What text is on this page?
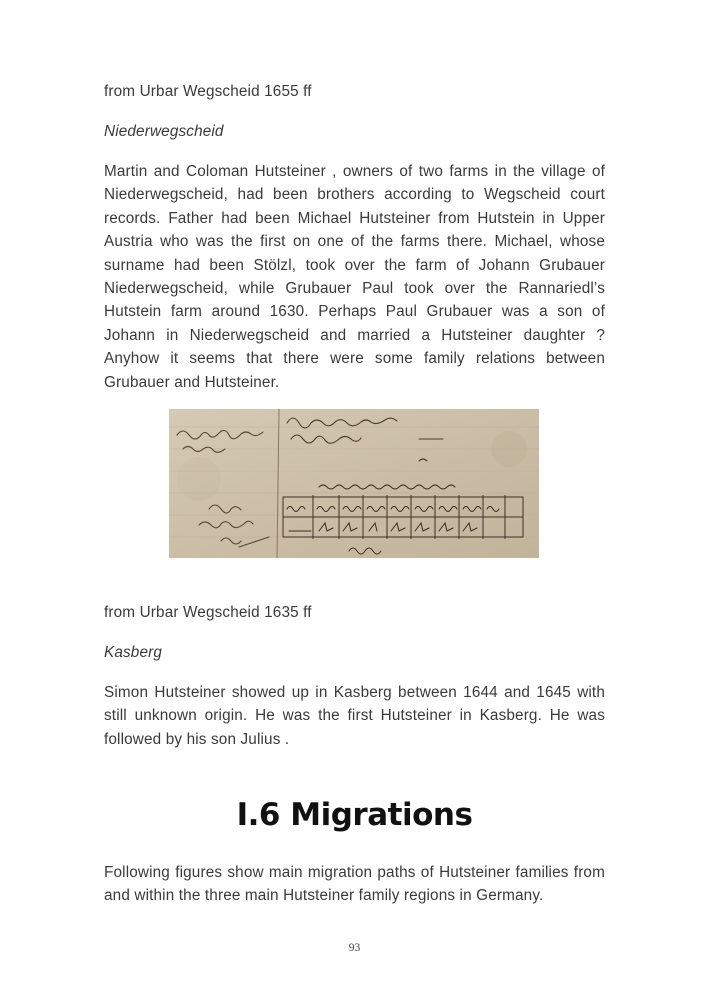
from Urbar Wegscheid 1655 ff
Niederwegscheid

Martin and Coloman Hutsteiner , owners of two farms in the village of Niederwegscheid, had been brothers according to Wegscheid court records. Father had been Michael Hutsteiner from Hutstein in Upper Austria who was the first on one of the farms there. Michael, whose surname had been Stölzl, took over the farm of Johann Grubauer Niederwegscheid, while Grubauer Paul took over the Rannariedl’s Hutstein farm around 1630. Perhaps Paul Grubauer was a son of Johann in Niederwegscheid and married a Hutsteiner daughter ? Anyhow it seems that there were some family relations between Grubauer and Hutsteiner.

from Urbar Wegscheid 1635 ff
Kasberg

Simon Hutsteiner showed up in Kasberg between 1644 and 1645 with still unknown origin. He was the first Hutsteiner in Kasberg. He was followed by his son Julius .

I.6 Migrations

Following figures show main migration paths of Hutsteiner families from and within the three main Hutsteiner family regions in Germany.

93
